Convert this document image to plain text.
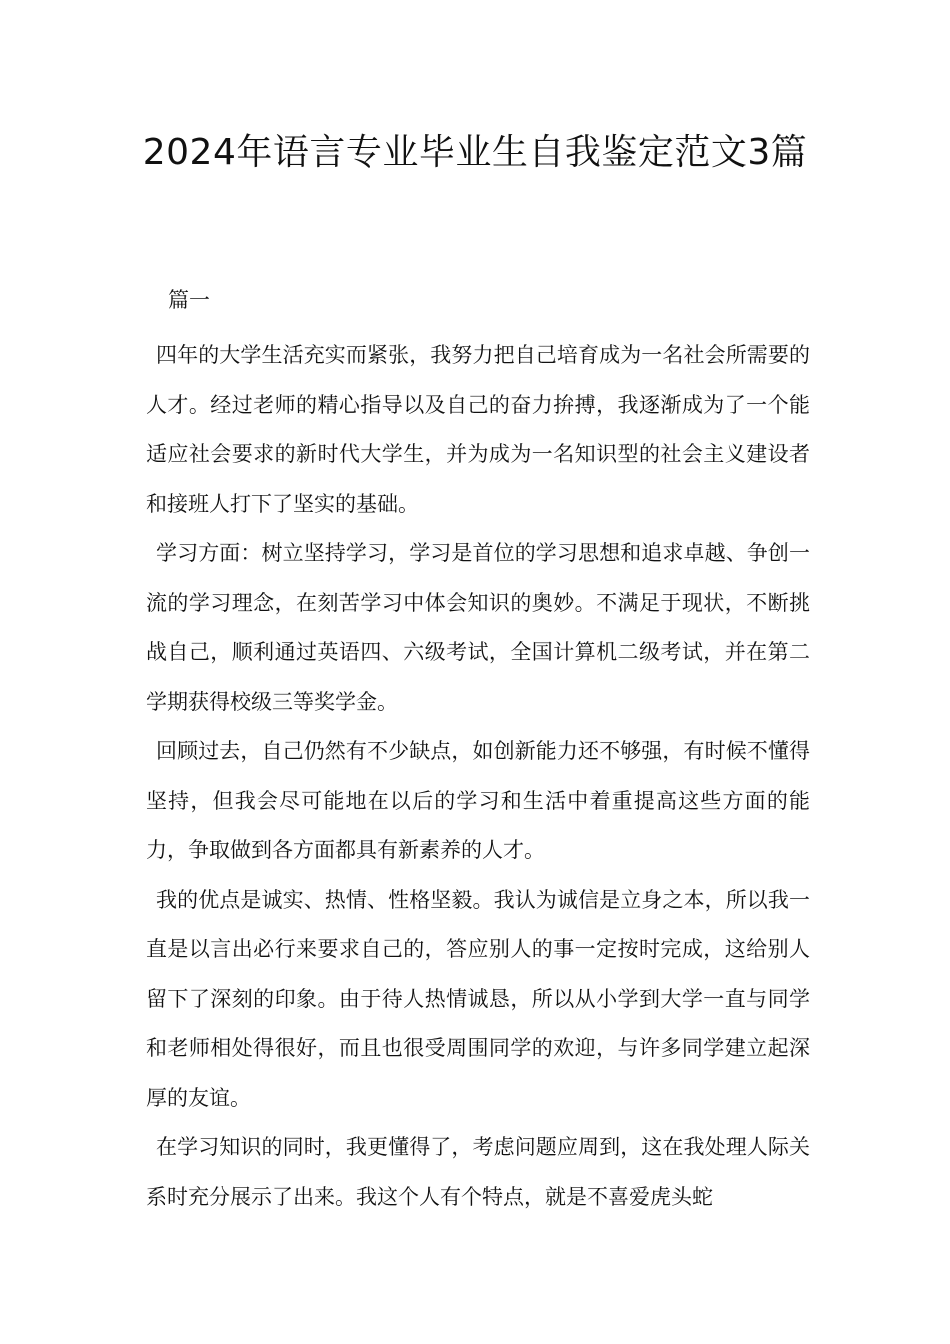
2024年语言专业毕业生自我鉴定范文3篇

篇一

四年的大学生活充实而紧张，我努力把自己培育成为一名社会所需要的人才。经过老师的精心指导以及自己的奋力拚搏，我逐渐成为了一个能适应社会要求的新时代大学生，并为成为一名知识型的社会主义建设者和接班人打下了坚实的基础。

学习方面：树立坚持学习，学习是首位的学习思想和追求卓越、争创一流的学习理念，在刻苦学习中体会知识的奥妙。不满足于现状，不断挑战自己，顺利通过英语四、六级考试，全国计算机二级考试，并在第二学期获得校级三等奖学金。

回顾过去，自己仍然有不少缺点，如创新能力还不够强，有时候不懂得坚持，但我会尽可能地在以后的学习和生活中着重提高这些方面的能力，争取做到各方面都具有新素养的人才。

我的优点是诚实、热情、性格坚毅。我认为诚信是立身之本，所以我一直是以言出必行来要求自己的，答应别人的事一定按时完成，这给别人留下了深刻的印象。由于待人热情诚恳，所以从小学到大学一直与同学和老师相处得很好，而且也很受周围同学的欢迎，与许多同学建立起深厚的友谊。

在学习知识的同时，我更懂得了，考虑问题应周到，这在我处理人际关系时充分展示了出来。我这个人有个特点，就是不喜爱虎头蛇
